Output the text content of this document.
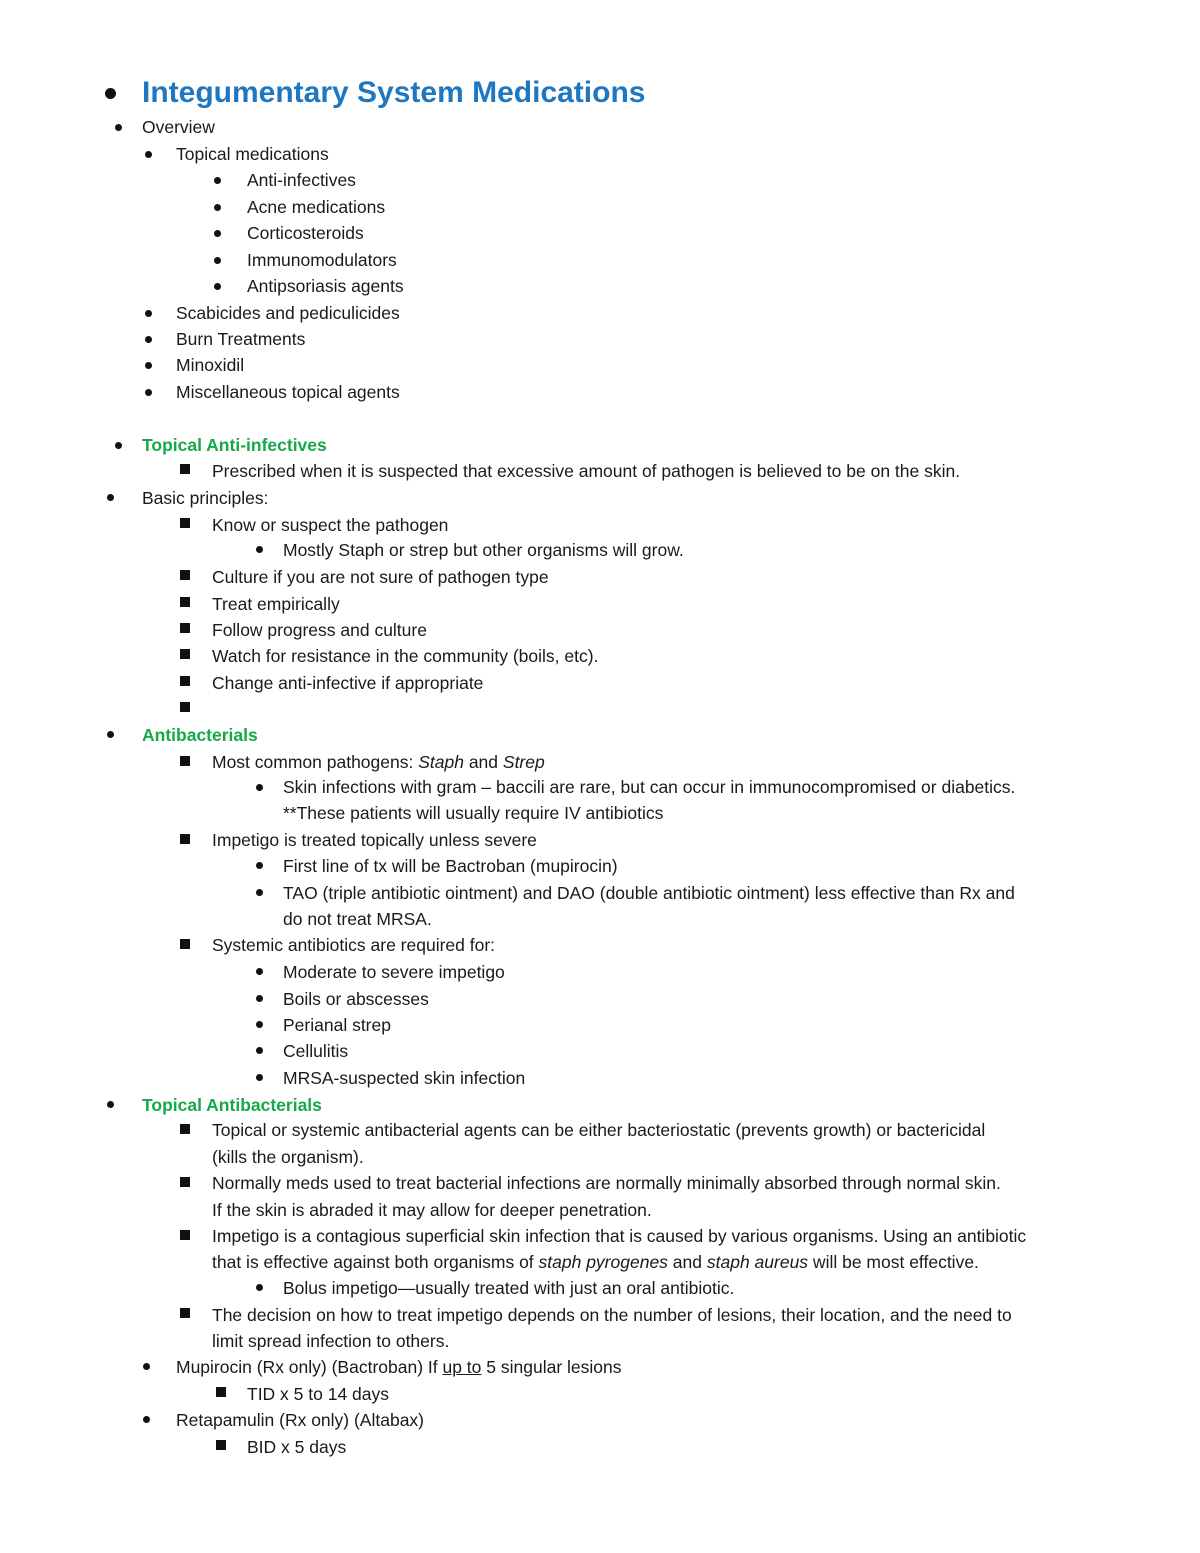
Integumentary System Medications
Overview
Topical medications
Anti-infectives
Acne medications
Corticosteroids
Immunomodulators
Antipsoriasis agents
Scabicides and pediculicides
Burn Treatments
Minoxidil
Miscellaneous topical agents
Topical Anti-infectives
Prescribed when it is suspected that excessive amount of pathogen is believed to be on the skin.
Basic principles:
Know or suspect the pathogen
Mostly Staph or strep but other organisms will grow.
Culture if you are not sure of pathogen type
Treat empirically
Follow progress and culture
Watch for resistance in the community (boils, etc).
Change anti-infective if appropriate
Antibacterials
Most common pathogens: Staph and Strep
Skin infections with gram – baccili are rare, but can occur in immunocompromised or diabetics.
**These patients will usually require IV antibiotics
Impetigo is treated topically unless severe
First line of tx will be Bactroban (mupirocin)
TAO (triple antibiotic ointment) and DAO (double antibiotic ointment) less effective than Rx and
do not treat MRSA.
Systemic antibiotics are required for:
Moderate to severe impetigo
Boils or abscesses
Perianal strep
Cellulitis
MRSA-suspected skin infection
Topical Antibacterials
Topical or systemic antibacterial agents can be either bacteriostatic (prevents growth) or bactericidal
(kills the organism).
Normally meds used to treat bacterial infections are normally minimally absorbed through normal skin.
If the skin is abraded it may allow for deeper penetration.
Impetigo is a contagious superficial skin infection that is caused by various organisms. Using an antibiotic
that is effective against both organisms of staph pyrogenes and staph aureus will be most effective.
Bolus impetigo—usually treated with just an oral antibiotic.
The decision on how to treat impetigo depends on the number of lesions, their location, and the need to
limit spread infection to others.
Mupirocin (Rx only) (Bactroban) If up to 5 singular lesions
TID x 5 to 14 days
Retapamulin (Rx only) (Altabax)
BID x 5 days
